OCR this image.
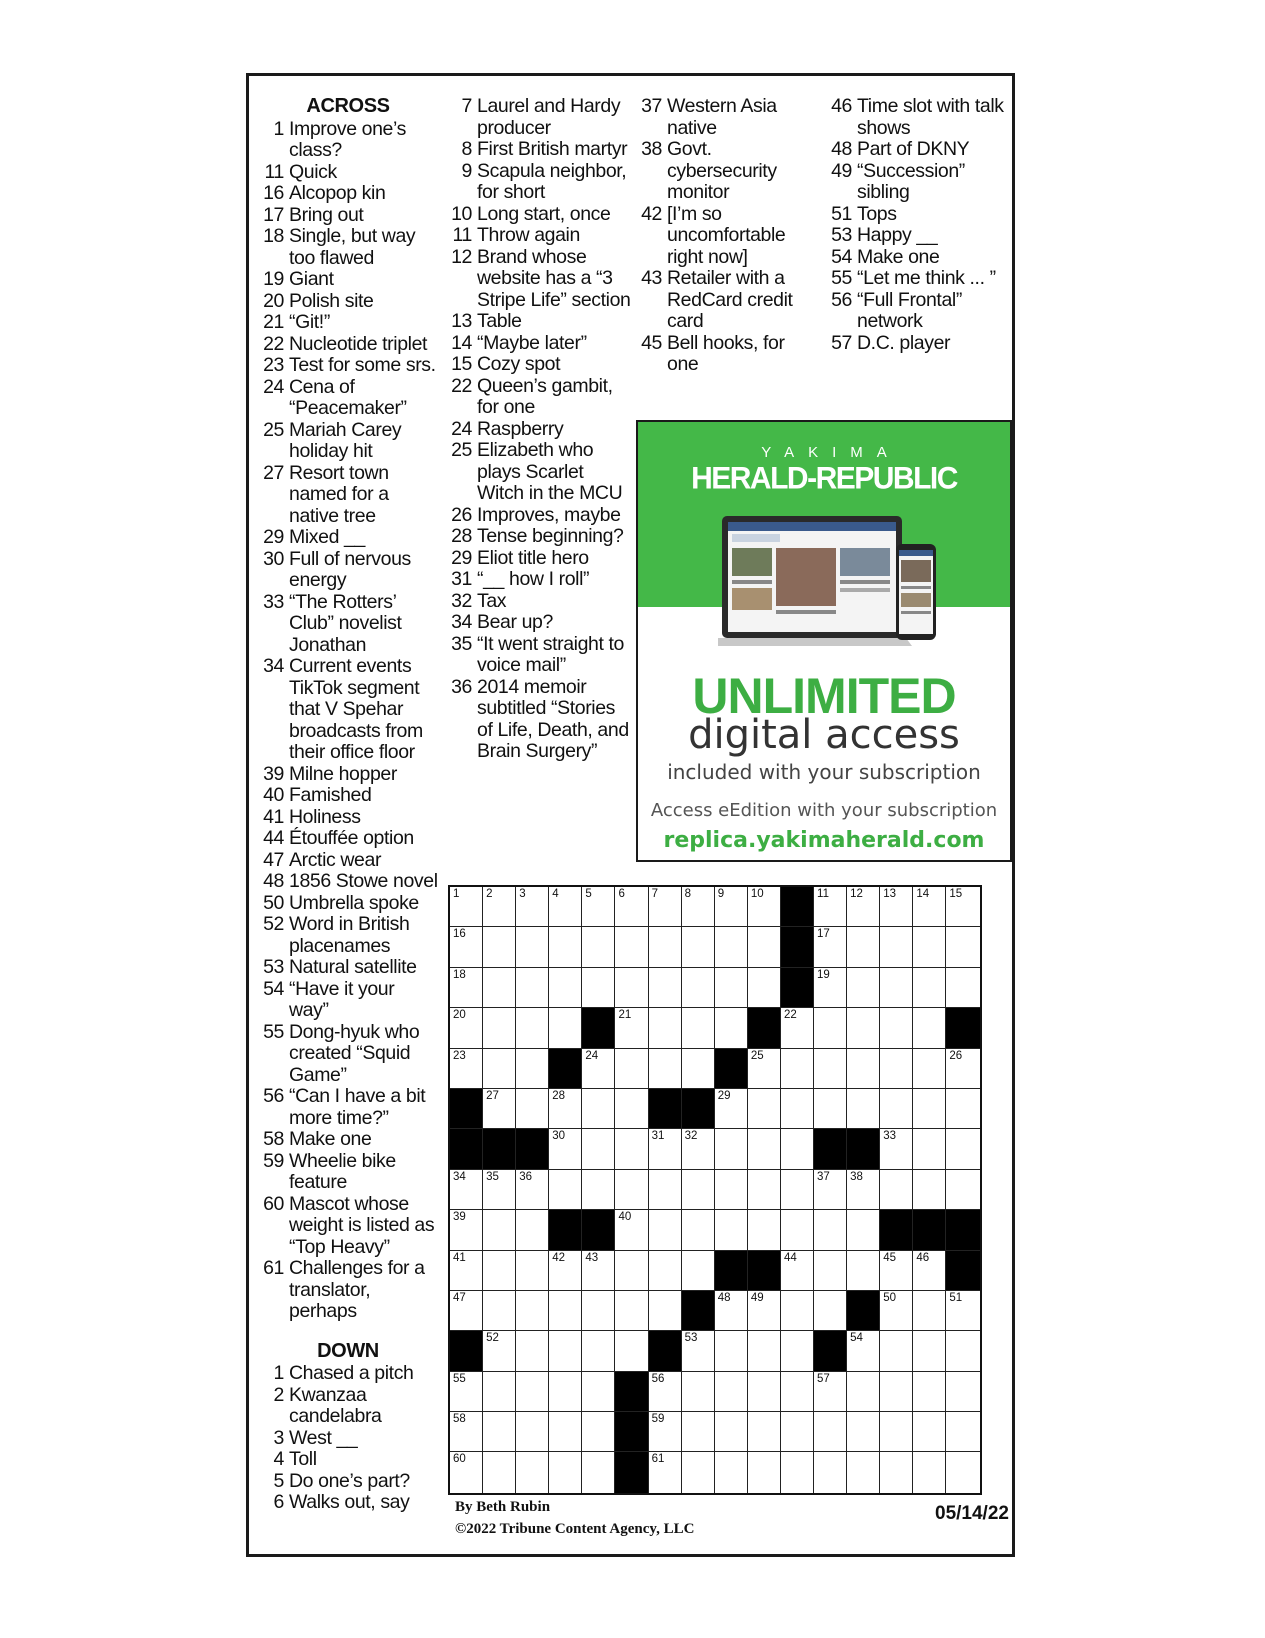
ACROSS
1 Improve one’s class?
11 Quick
16 Alcopop kin
17 Bring out
18 Single, but way too flawed
19 Giant
20 Polish site
21 “Git!”
22 Nucleotide triplet
23 Test for some srs.
24 Cena of “Peacemaker”
25 Mariah Carey holiday hit
27 Resort town named for a native tree
29 Mixed __
30 Full of nervous energy
33 “The Rotters’ Club” novelist Jonathan
34 Current events TikTok segment that V Spehar broadcasts from their office floor
39 Milne hopper
40 Famished
41 Holiness
44 Étouffée option
47 Arctic wear
48 1856 Stowe novel
50 Umbrella spoke
52 Word in British placenames
53 Natural satellite
54 “Have it your way”
55 Dong-hyuk who created “Squid Game”
56 “Can I have a bit more time?”
58 Make one
59 Wheelie bike feature
60 Mascot whose weight is listed as “Top Heavy”
61 Challenges for a translator, perhaps
DOWN
1 Chased a pitch
2 Kwanzaa candelabra
3 West __
4 Toll
5 Do one’s part?
6 Walks out, say
7 Laurel and Hardy producer
8 First British martyr
9 Scapula neighbor, for short
10 Long start, once
11 Throw again
12 Brand whose website has a “3 Stripe Life” section
13 Table
14 “Maybe later”
15 Cozy spot
22 Queen’s gambit, for one
24 Raspberry
25 Elizabeth who plays Scarlet Witch in the MCU
26 Improves, maybe
28 Tense beginning?
29 Eliot title hero
31 “__ how I roll”
32 Tax
34 Bear up?
35 “It went straight to voice mail”
36 2014 memoir subtitled “Stories of Life, Death, and Brain Surgery”
37 Western Asia native
38 Govt. cybersecurity monitor
42 [I’m so uncomfortable right now]
43 Retailer with a RedCard credit card
45 Bell hooks, for one
46 Time slot with talk shows
48 Part of DKNY
49 “Succession” sibling
51 Tops
53 Happy __
54 Make one
55 “Let me think ... ”
56 “Full Frontal” network
57 D.C. player
YAKIMA
HERALD-REPUBLIC
UNLIMITED
digital access
included with your subscription
Access eEdition with your subscription
replica.yakimaherald.com
1 2 3 4 5 6 7 8 9 10	11 12 13 14 15
16	17
18	19
20	21	22
23	24	25	26
27	28	29
30	31 32	33
34 35 36	37 38
39	40
41	42 43	44	45 46
47	48 49	50	51
52	53	54
55	56	57
58	59
60	61
By Beth Rubin
©2022 Tribune Content Agency, LLC
05/14/22
